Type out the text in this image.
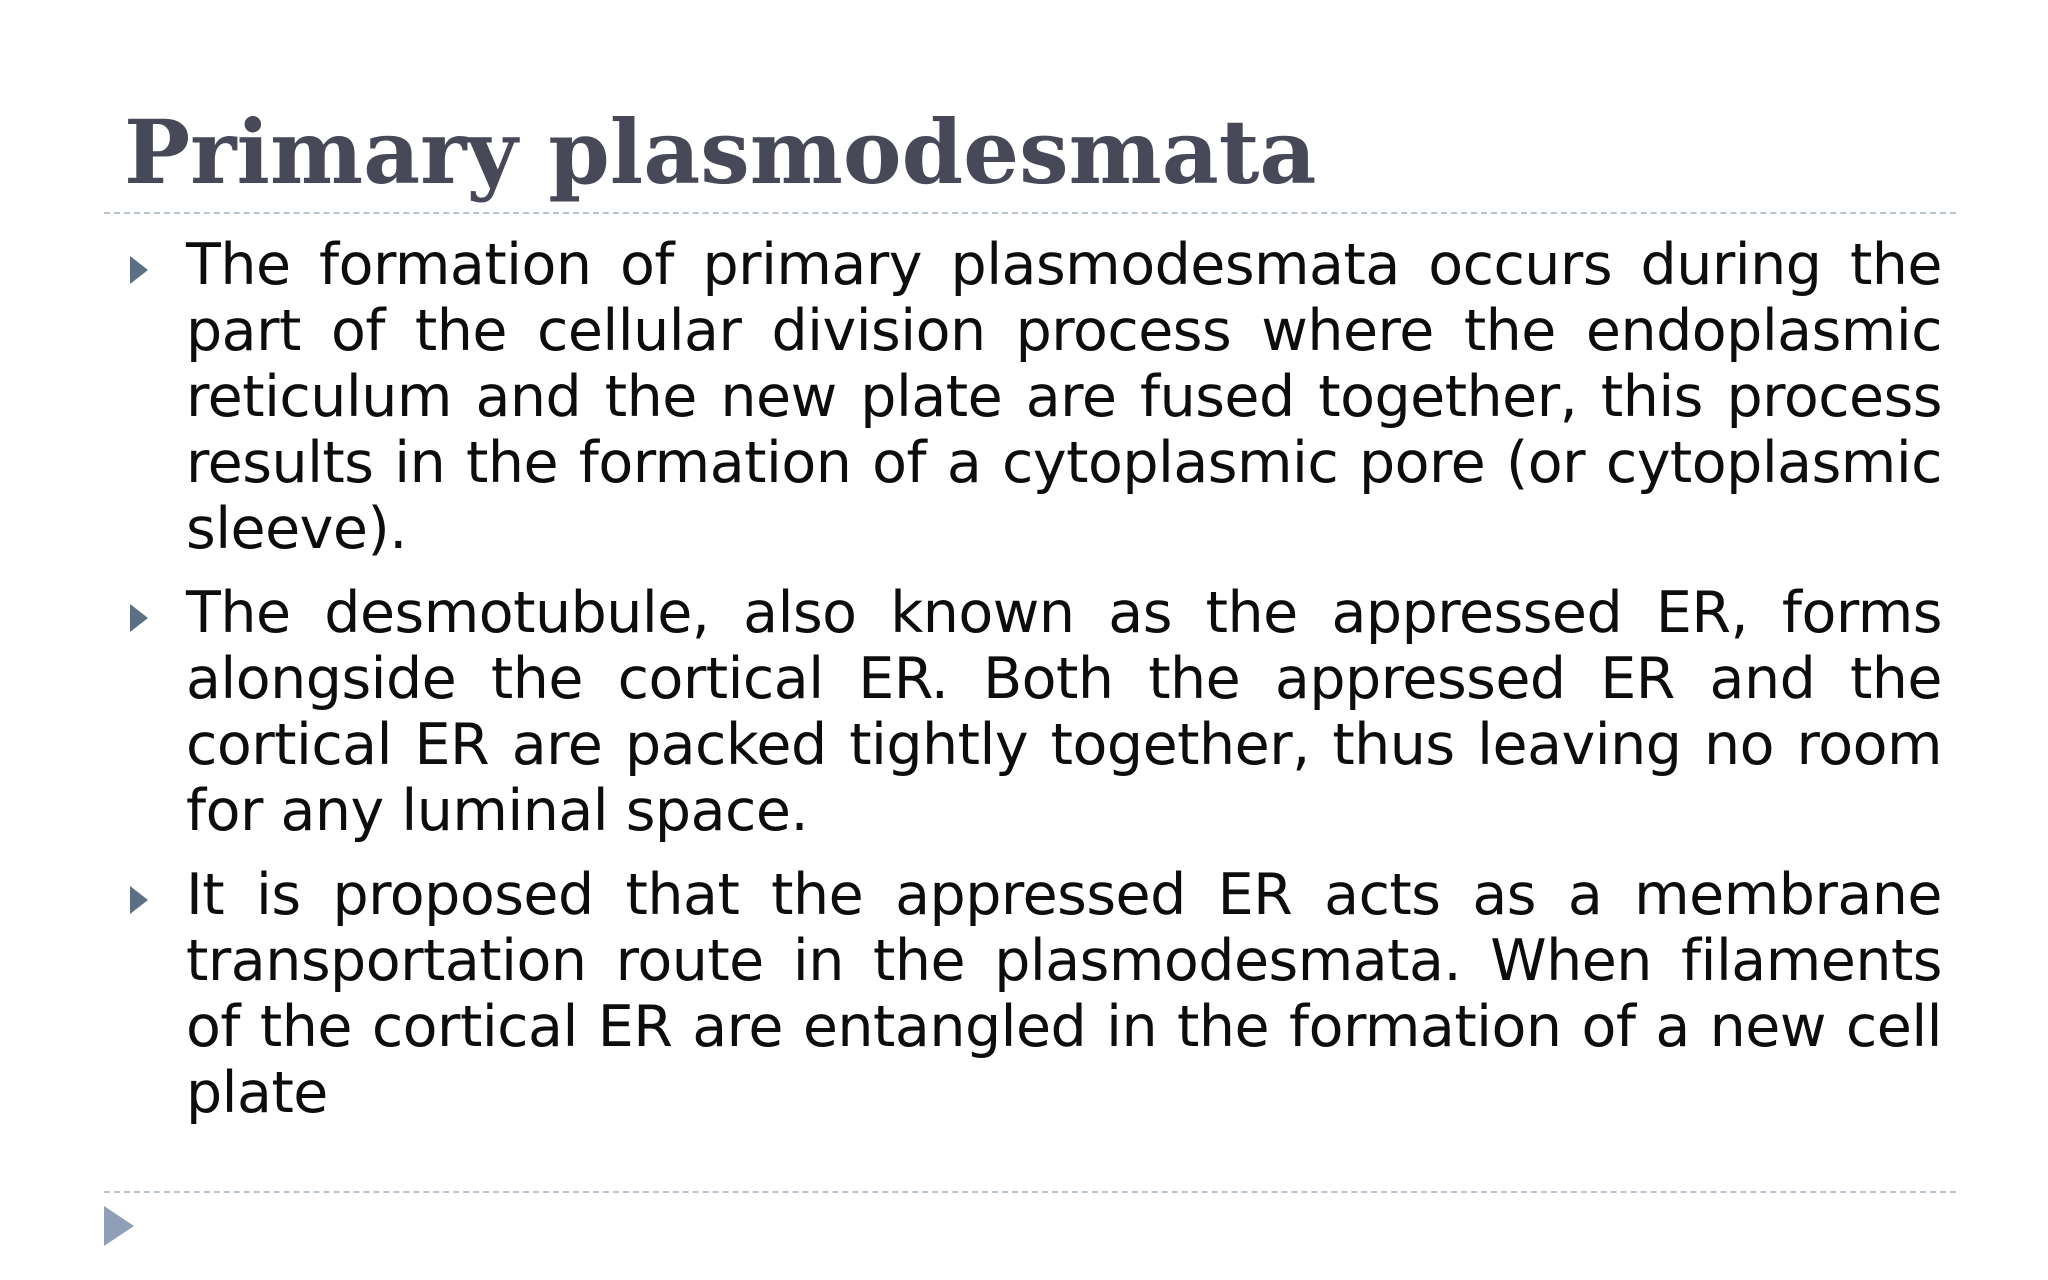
Primary plasmodesmata
The formation of primary plasmodesmata occurs during the part of the cellular division process where the endoplasmic reticulum and the new plate are fused together, this process results in the formation of a cytoplasmic pore (or cytoplasmic sleeve).
The desmotubule, also known as the appressed ER, forms alongside the cortical ER. Both the appressed ER and the cortical ER are packed tightly together, thus leaving no room for any luminal space.
It is proposed that the appressed ER acts as a membrane transportation route in the plasmodesmata. When filaments of the cortical ER are entangled in the formation of a new cell plate
